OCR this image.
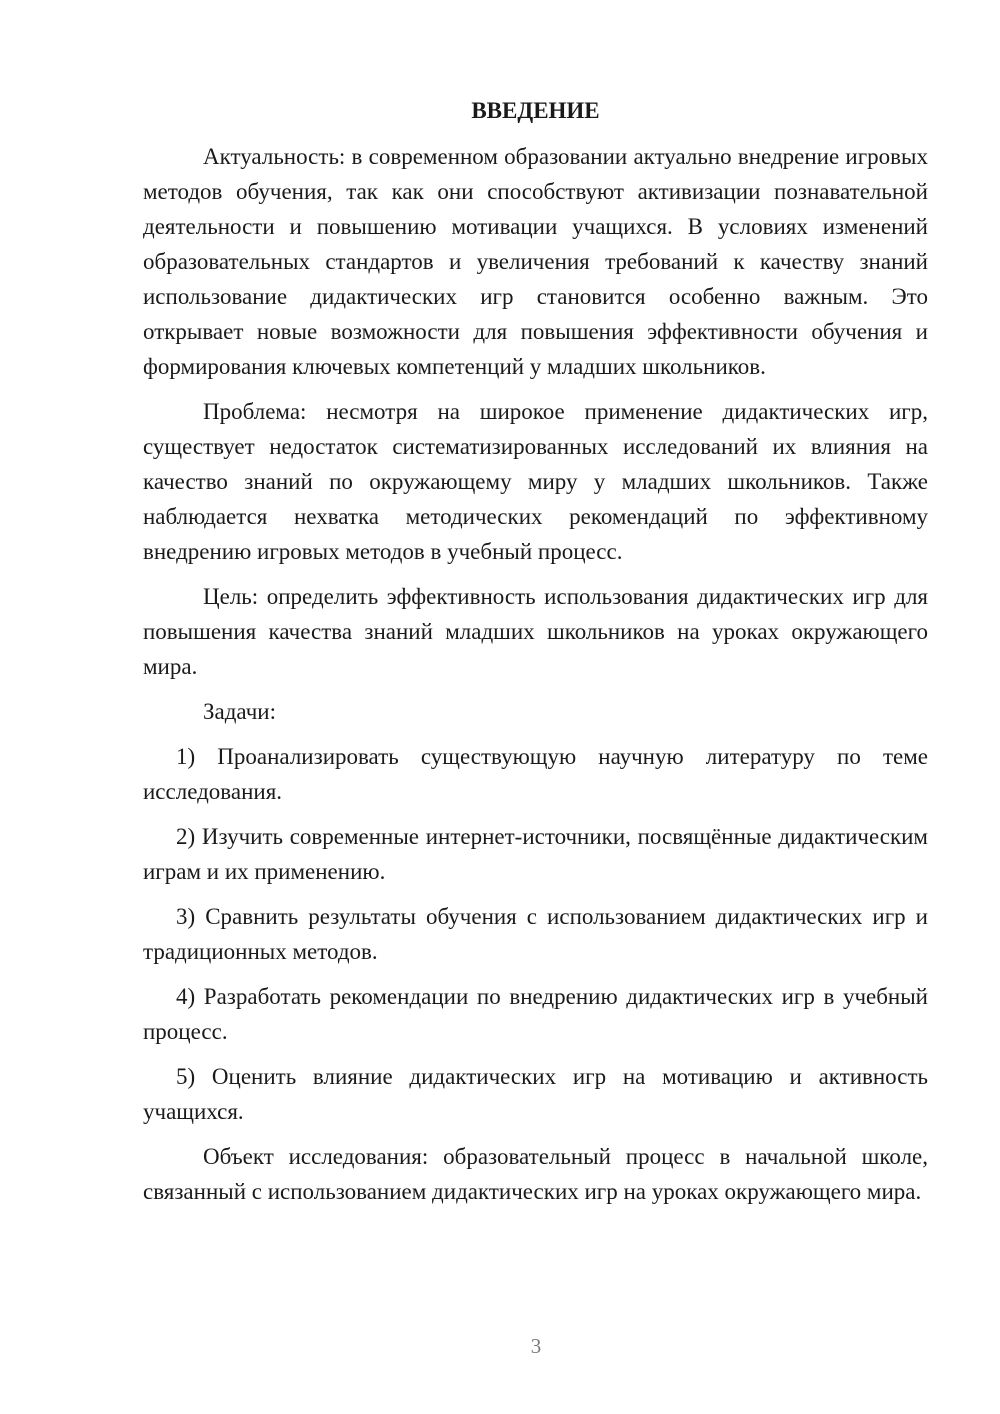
ВВЕДЕНИЕ

Актуальность: в современном образовании актуально внедрение игровых методов обучения, так как они способствуют активизации познавательной деятельности и повышению мотивации учащихся. В условиях изменений образовательных стандартов и увеличения требований к качеству знаний использование дидактических игр становится особенно важным. Это открывает новые возможности для повышения эффективности обучения и формирования ключевых компетенций у младших школьников.

Проблема: несмотря на широкое применение дидактических игр, существует недостаток систематизированных исследований их влияния на качество знаний по окружающему миру у младших школьников. Также наблюдается нехватка методических рекомендаций по эффективному внедрению игровых методов в учебный процесс.

Цель: определить эффективность использования дидактических игр для повышения качества знаний младших школьников на уроках окружающего мира.

Задачи:

1) Проанализировать существующую научную литературу по теме исследования.

2) Изучить современные интернет-источники, посвящённые дидактическим играм и их применению.

3) Сравнить результаты обучения с использованием дидактических игр и традиционных методов.

4) Разработать рекомендации по внедрению дидактических игр в учебный процесс.

5) Оценить влияние дидактических игр на мотивацию и активность учащихся.

Объект исследования: образовательный процесс в начальной школе, связанный с использованием дидактических игр на уроках окружающего мира.

3
